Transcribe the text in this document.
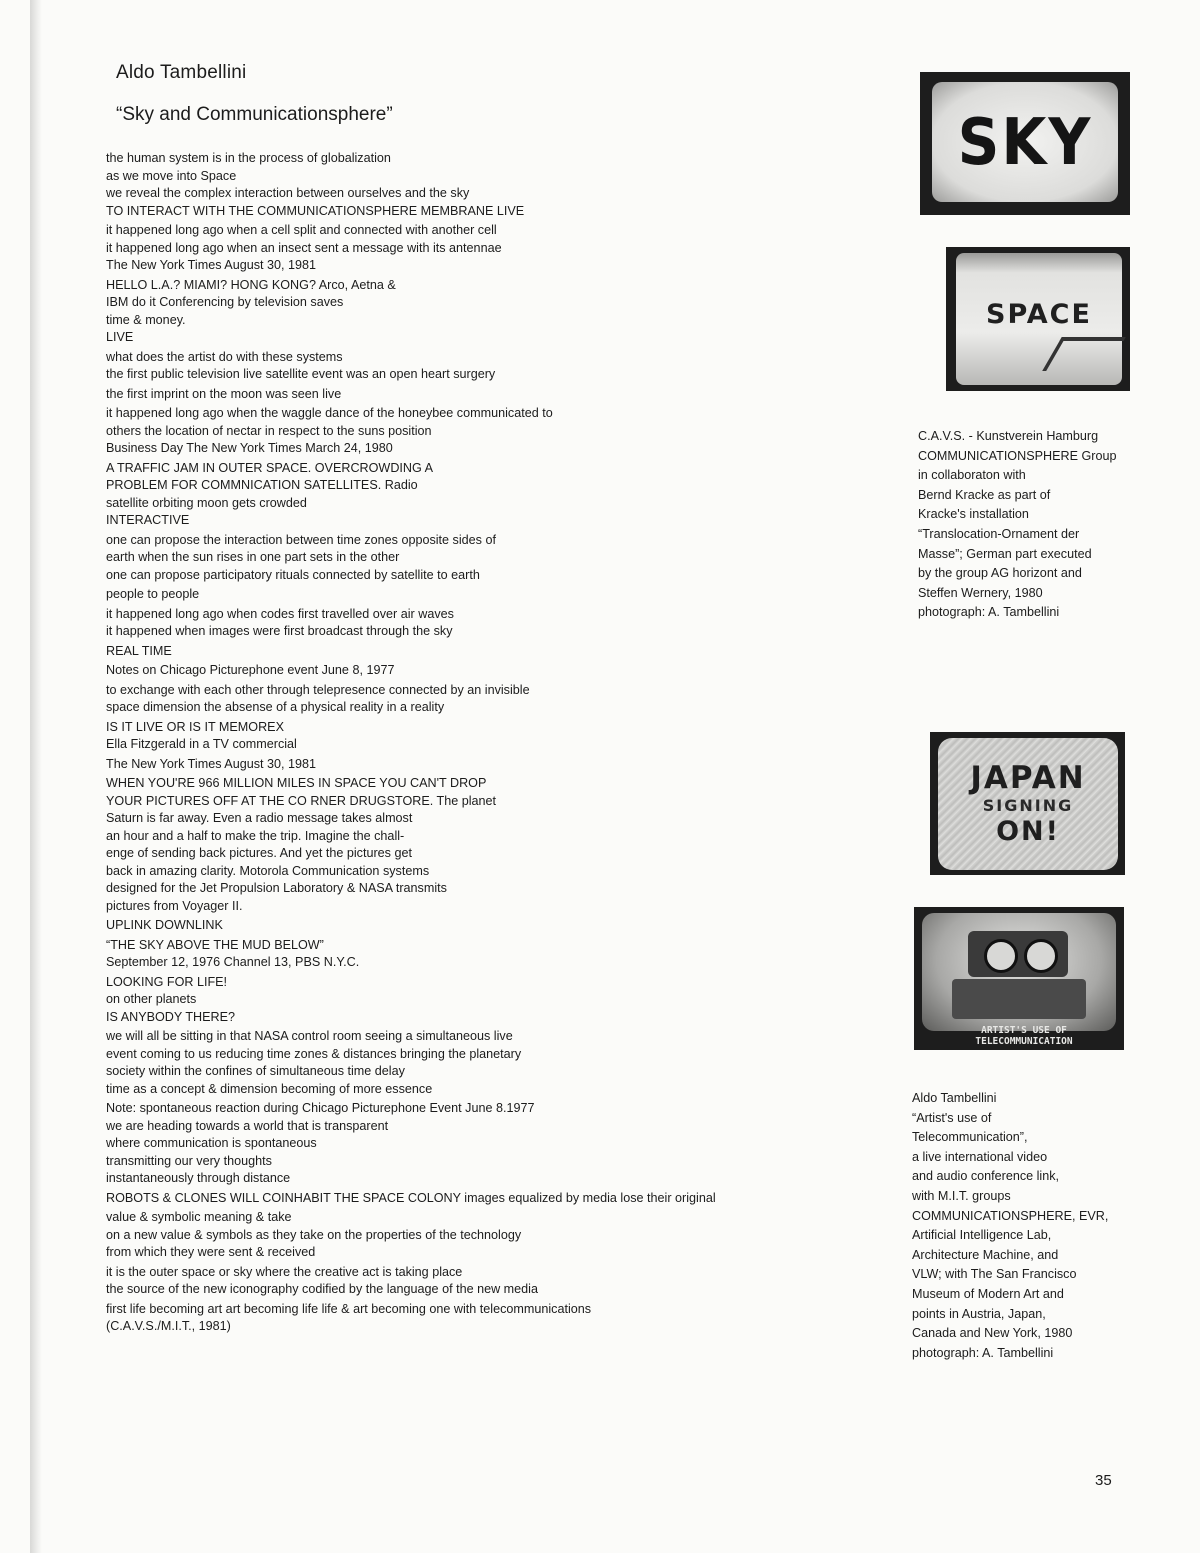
Aldo Tambellini
“Sky and Communicationsphere”

the human system is in the process of globalization

as we move into Space

we reveal the complex interaction between ourselves and the sky

TO INTERACT WITH THE COMMUNICATIONSPHERE MEMBRANE LIVE

it happened long ago when a cell split and connected with another cell

it happened long ago when an insect sent a message with its antennae

The New York Times August 30, 1981

HELLO L.A.? MIAMI? HONG KONG? Arco, Aetna &

IBM do it Conferencing by television saves

time & money.

LIVE

what does the artist do with these systems

the first public television live satellite event was an open heart surgery

the first imprint on the moon was seen live

it happened long ago when the waggle dance of the honeybee communicated to

others the location of nectar in respect to the suns position

Business Day The New York Times March 24, 1980

A TRAFFIC JAM IN OUTER SPACE. OVERCROWDING A

PROBLEM FOR COMMNICATION SATELLITES. Radio

satellite orbiting moon gets crowded

INTERACTIVE

one can propose the interaction between time zones opposite sides of

earth when the sun rises in one part sets in the other

one can propose participatory rituals connected by satellite to earth

people to people

it happened long ago when codes first travelled over air waves

it happened when images were first broadcast through the sky

REAL TIME

Notes on Chicago Picturephone event June 8, 1977

to exchange with each other through telepresence connected by an invisible

space dimension the absense of a physical reality in a reality

IS IT LIVE OR IS IT MEMOREX

Ella Fitzgerald in a TV commercial

The New York Times August 30, 1981

WHEN YOU'RE 966 MILLION MILES IN SPACE YOU CAN'T DROP

YOUR PICTURES OFF AT THE CO RNER DRUGSTORE. The planet

Saturn is far away. Even a radio message takes almost

an hour and a half to make the trip. Imagine the chall-

enge of sending back pictures. And yet the pictures get

back in amazing clarity. Motorola Communication systems

designed for the Jet Propulsion Laboratory & NASA transmits

pictures from Voyager II.

UPLINK DOWNLINK

“THE SKY ABOVE THE MUD BELOW”

September 12, 1976 Channel 13, PBS N.Y.C.

LOOKING FOR LIFE!

on other planets

IS ANYBODY THERE?

we will all be sitting in that NASA control room seeing a simultaneous live

event coming to us reducing time zones & distances bringing the planetary

society within the confines of simultaneous time delay

time as a concept & dimension becoming of more essence

Note: spontaneous reaction during Chicago Picturephone Event June 8.1977

we are heading towards a world that is transparent

where communication is spontaneous

transmitting our very thoughts

instantaneously through distance

ROBOTS & CLONES WILL COINHABIT THE SPACE COLONY images equalized by media lose their original

value & symbolic meaning & take

on a new value & symbols as they take on the properties of the technology

from which they were sent & received

it is the outer space or sky where the creative act is taking place

the source of the new iconography codified by the language of the new media

first life becoming art art becoming life life & art becoming one with telecommunications

(C.A.V.S./M.I.T., 1981)

SKY
SPACE
C.A.V.S. - Kunstverein Hamburg
COMMUNICATIONSPHERE Group
in collaboraton with
Bernd Kracke as part of
Kracke's installation
“Translocation-Ornament der
Masse”; German part executed
by the group AG horizont and
Steffen Wernery, 1980
photograph: A. Tambellini
JAPAN
SIGNING
ON!
ARTIST'S USE OF
TELECOMMUNICATION
Aldo Tambellini
“Artist's use of
Telecommunication”,
a live international video
and audio conference link,
with M.I.T. groups
COMMUNICATIONSPHERE, EVR,
Artificial Intelligence Lab,
Architecture Machine, and
VLW; with The San Francisco
Museum of Modern Art and
points in Austria, Japan,
Canada and New York, 1980
photograph: A. Tambellini
35
